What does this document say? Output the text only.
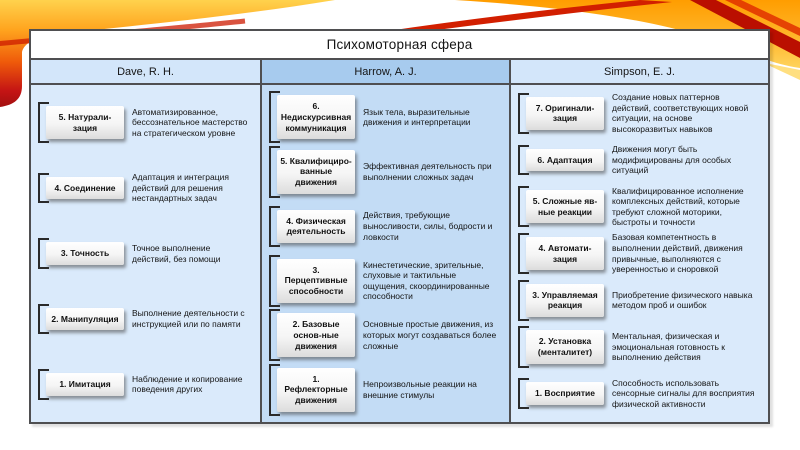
Психомоторная сфера
Dave, R. H.	Harrow, A. J.	Simpson, E. J.
5. Натурали-зация
Автоматизированное, бессознательное мастерство на стратегическом уровне
4. Соединение
Адаптация и интеграция действий для решения нестандартных задач
3. Точность
Точное выполнение действий, без помощи
2. Манипуляция
Выполнение деятельности с инструкцией или по памяти
1. Имитация
Наблюдение и копирование поведения других
6. Недискурсивная коммуникация
Язык тела, выразительные движения и интерпретации
5. Квалифициро-ванные движения
Эффективная деятельность при выполнении сложных задач
4. Физическая деятельность
Действия, требующие выносливости, силы, бодрости и ловкости
3. Перцептивные способности
Кинестетические, зрительные, слуховые и тактильные ощущения, скоординированные способности
2. Базовые основ-ные движения
Основные простые движения, из которых могут создаваться более сложные
1. Рефлекторные движения
Непроизвольные реакции на внешние стимулы
7. Оригинали-зация
Создание новых паттернов действий, соответствующих новой ситуации, на основе высокоразвитых навыков
6. Адаптация
Движения могут быть модифицированы для особых ситуаций
5. Сложные яв-ные реакции
Квалифицированное исполнение комплексных действий, которые требуют сложной моторики, быстроты и точности
4. Автомати-зация
Базовая компетентность в выполнении действий, движения привычные, выполняются с уверенностью и сноровкой
3. Управляемая реакция
Приобретение физического навыка методом проб и ошибок
2. Установка (менталитет)
Ментальная, физическая и эмоциональная готовность к выполнению действия
1. Восприятие
Способность использовать сенсорные сигналы для восприятия физической активности
